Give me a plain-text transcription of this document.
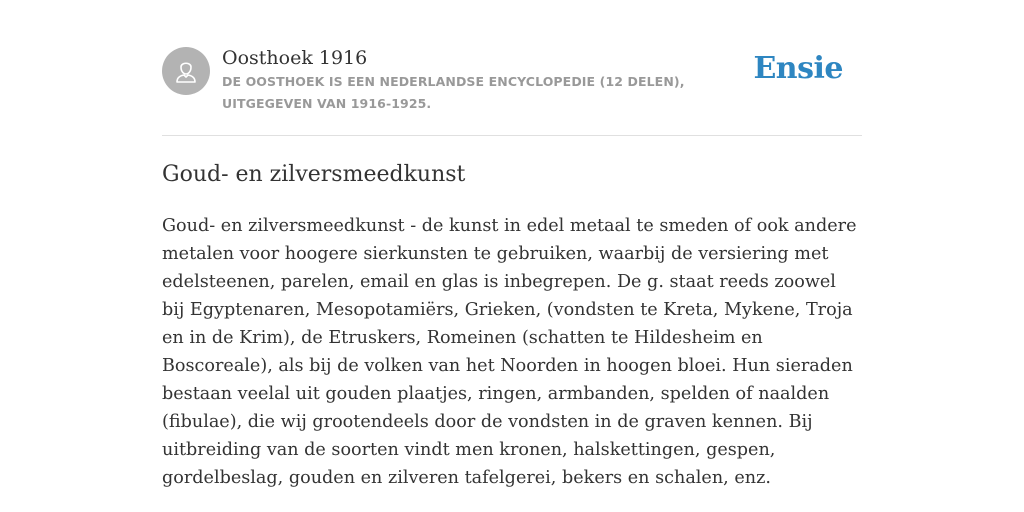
Oosthoek 1916
DE OOSTHOEK IS EEN NEDERLANDSE ENCYCLOPEDIE (12 DELEN), UITGEGEVEN VAN 1916-1925.
Ensie
Goud- en zilversmeedkunst

Goud- en zilversmeedkunst - de kunst in edel metaal te smeden of ook andere metalen voor hoogere sierkunsten te gebruiken, waarbij de versiering met edelsteenen, parelen, email en glas is inbegrepen. De g. staat reeds zoowel bij Egyptenaren, Mesopotamiërs, Grieken, (vondsten te Kreta, Mykene, Troja en in de Krim), de Etruskers, Romeinen (schatten te Hildesheim en Boscoreale), als bij de volken van het Noorden in hoogen bloei. Hun sieraden bestaan veelal uit gouden plaatjes, ringen, armbanden, spelden of naalden (fibulae), die wij grootendeels door de vondsten in de graven kennen. Bij uitbreiding van de soorten vindt men kronen, halskettingen, gespen, gordelbeslag, gouden en zilveren tafelgerei, bekers en schalen, enz.
